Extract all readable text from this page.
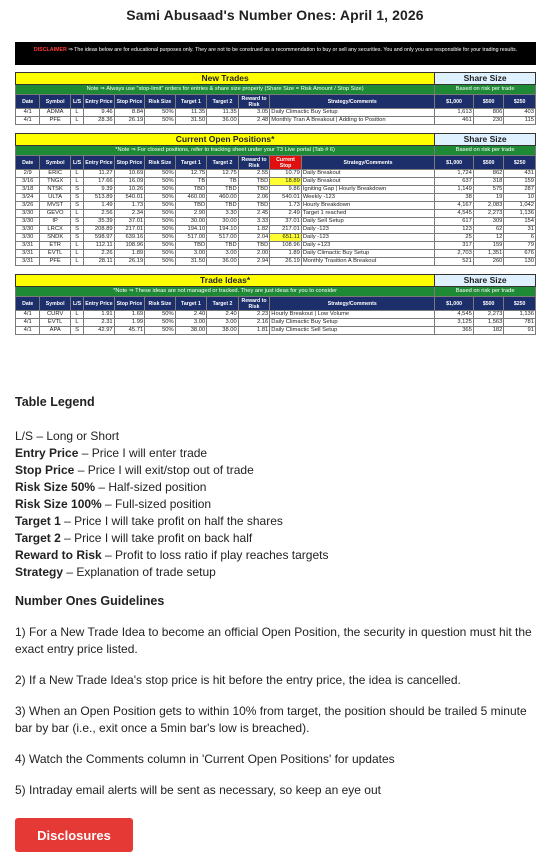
Sami Abusaad's Number Ones: April 1, 2026
DISCLAIMER ⇒ The ideas below are for educational purposes only. They are not to be construed as a recommendation to buy or sell any securities. You and only you are responsible for your trading results.
New Trades										Share Size		
Note ⇒ Always use "stop-limit" orders for entries & share size properly (Share Size = Risk Amount / Stop Size)										Based on risk per trade		
Date	Symbol	L/S	Entry Price	Stop Price	Risk Size	Target 1	Target 2	Reward to Risk	Strategy/Comments	$1,000	$500	$250
4/1	ADMA	L	9.46	8.84	50%	11.35	11.35	3.05	Daily Climactic Buy Setup	1,613	806	403
4/1	PFE	L	28.36	26.19	50%	31.50	36.00	2.48	Monthly Tran A Breakout | Adding to Position	461	230	115
Current Open Positions*											Share Size		
*Note ⇒ For closed positions, refer to tracking sheet under your T3 Live portal (Tab # 6)											Based on risk per trade		
Date	Symbol	L/S	Entry Price	Stop Price	Risk Size	Target 1	Target 2	Reward to Risk	Current Stop	Strategy/Comments	$1,000	$500	$250
2/9	ERIC	L	11.27	10.69	50%	12.75	12.75	2.55	10.79	Daily Breakout	1,724	862	431
3/16	TNGX	L	17.66	16.09	50%	TB	TB	TBD	18.89	Daily Breakout	637	318	159
3/18	NTSK	S	9.39	10.26	50%	TBD	TBD	TBD	9.86	Igniting Gap | Hourly Breakdown	1,149	575	287
3/24	ULTA	S	513.89	540.01	50%	460.00	460.00	2.06	540.01	Weekly -123	38	19	10
3/26	MVST	S	1.49	1.73	50%	TBD	TBD	TBD	1.73	Hourly Breakdown	4,167	2,083	1,042
3/30	GEVO	L	2.56	2.34	50%	2.90	3.30	2.45	2.49	Target 1 reached	4,545	2,273	1,136
3/30	IP	S	35.39	37.01	50%	30.00	30.00	3.33	37.01	Daily Sell Setup	617	309	154
3/30	LRCX	S	208.89	217.01	50%	194.10	194.10	1.82	217.01	Daily -123	123	62	31
3/30	SNDK	S	598.97	639.16	50%	517.00	517.00	2.04	651.11	Daily -123	25	12	6
3/31	ETR	L	112.11	108.96	50%	TBD	TBD	TBD	108.96	Daily +123	317	159	79
3/31	EVTL	L	2.26	1.89	50%	3.00	3.00	2.00	1.89	Daily Climactic Buy Setup	2,703	1,351	676
3/31	PFE	L	28.11	26.19	50%	31.50	36.00	2.94	26.19	Monthly Trasition A Breakout	521	260	130
Trade Ideas*										Share Size		
*Note ⇒ These ideas are not managed or tracked. They are just ideas for you to consider										Based on risk per trade		
Date	Symbol	L/S	Entry Price	Stop Price	Risk Size	Target 1	Target 2	Reward to Risk	Strategy/Comments	$1,000	$500	$250
4/1	CURV	L	1.91	1.69	50%	2.40	2.40	2.23	Hourly Breakout | Low Volume	4,545	2,273	1,136
4/1	EVTL	L	2.31	1.99	50%	3.00	3.00	2.16	Daily Climactic Buy Setup	3,125	1,563	781
4/1	APA	S	42.97	45.71	50%	38.00	38.00	1.81	Daily Climactic Sell Setup	365	182	91

Table Legend

L/S – Long or Short

Entry Price – Price I will enter trade

Stop Price – Price I will exit/stop out of trade

Risk Size 50% – Half-sized position

Risk Size 100% – Full-sized position

Target 1 – Price I will take profit on half the shares

Target 2 – Price I will take profit on back half

Reward to Risk – Profit to loss ratio if play reaches targets

Strategy – Explanation of trade setup

Number Ones Guidelines

1) For a New Trade Idea to become an official Open Position, the security in question must hit the exact entry price listed.

2) If a New Trade Idea's stop price is hit before the entry price, the idea is cancelled.

3) When an Open Position gets to within 10% from target, the position should be trailed 5 minute bar by bar (i.e., exit once a 5min bar's low is breached).

4) Watch the Comments column in 'Current Open Positions' for updates

5) Intraday email alerts will be sent as necessary, so keep an eye out

Disclosures
